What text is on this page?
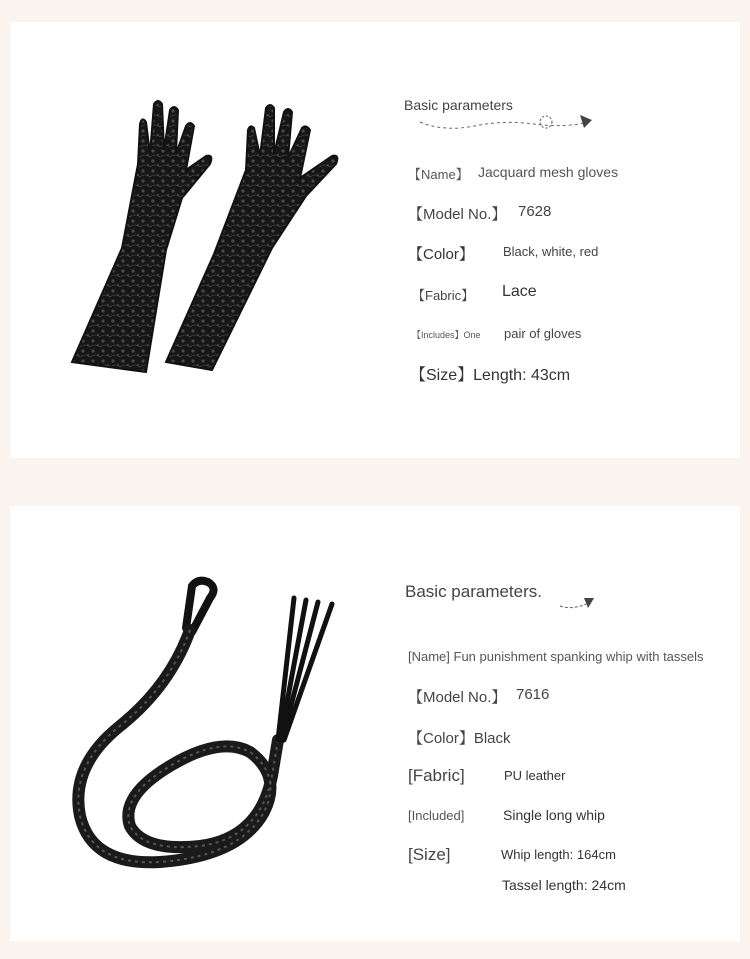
Basic parameters
【Name】 Jacquard mesh gloves
【Model No.】 7628
【Color】 Black, white, red
【Fabric】 Lace
【Includes】One pair of gloves
【Size】Length: 43cm
Basic parameters.
[Name] Fun punishment spanking whip with tassels
【Model No.】 7616
【Color】Black
[Fabric]	PU leather
[Included]	Single long whip
[Size]	Whip length: 164cm
Tassel length: 24cm
